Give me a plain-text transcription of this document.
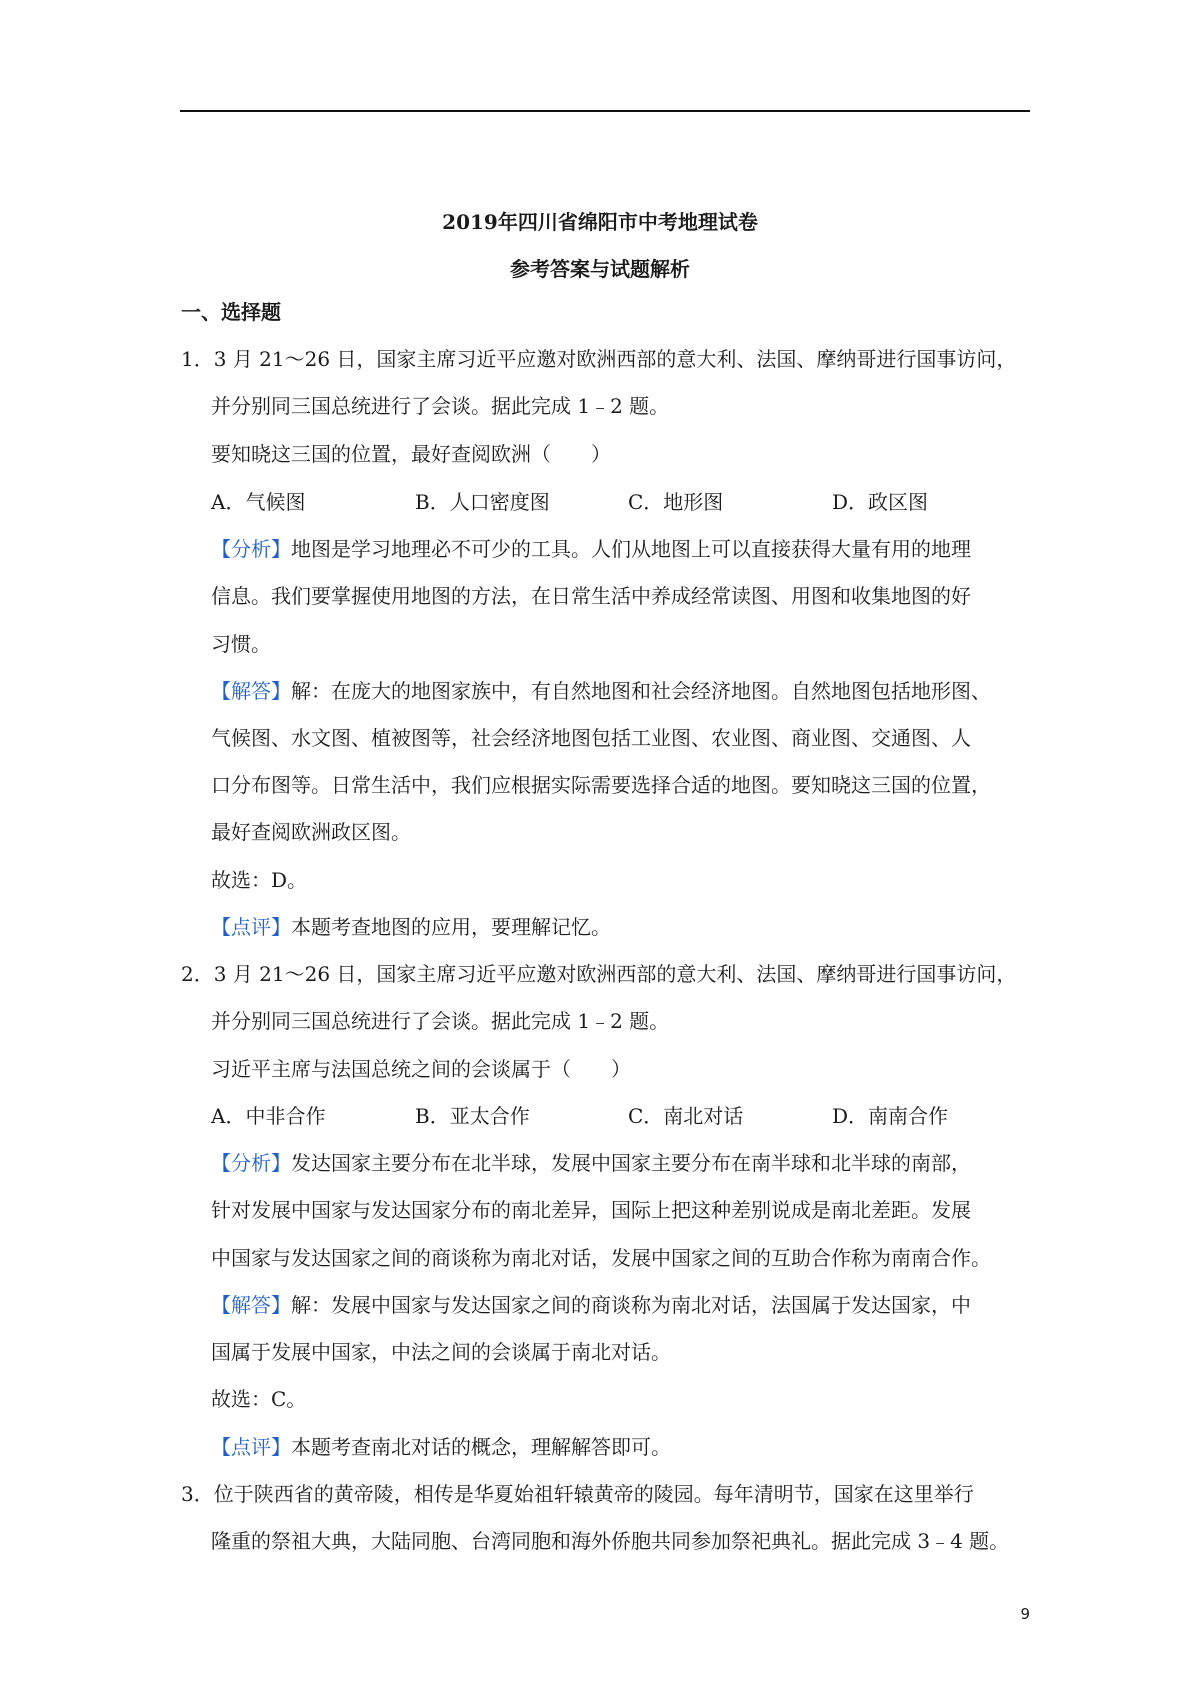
2019年四川省绵阳市中考地理试卷
参考答案与试题解析
一、选择题
1．3 月 21～26 日，国家主席习近平应邀对欧洲西部的意大利、法国、摩纳哥进行国事访问，
并分别同三国总统进行了会谈。据此完成 1﹣2 题。
要知晓这三国的位置，最好查阅欧洲（　　）
A．气候图	B．人口密度图	C．地形图	D．政区图
【分析】地图是学习地理必不可少的工具。人们从地图上可以直接获得大量有用的地理
信息。我们要掌握使用地图的方法，在日常生活中养成经常读图、用图和收集地图的好
习惯。
【解答】解：在庞大的地图家族中，有自然地图和社会经济地图。自然地图包括地形图、
气候图、水文图、植被图等，社会经济地图包括工业图、农业图、商业图、交通图、人
口分布图等。日常生活中，我们应根据实际需要选择合适的地图。要知晓这三国的位置，
最好查阅欧洲政区图。
故选：D。
【点评】本题考查地图的应用，要理解记忆。
2．3 月 21～26 日，国家主席习近平应邀对欧洲西部的意大利、法国、摩纳哥进行国事访问，
并分别同三国总统进行了会谈。据此完成 1﹣2 题。
习近平主席与法国总统之间的会谈属于（　　）
A．中非合作	B．亚太合作	C．南北对话	D．南南合作
【分析】发达国家主要分布在北半球，发展中国家主要分布在南半球和北半球的南部，
针对发展中国家与发达国家分布的南北差异，国际上把这种差别说成是南北差距。发展
中国家与发达国家之间的商谈称为南北对话，发展中国家之间的互助合作称为南南合作。
【解答】解：发展中国家与发达国家之间的商谈称为南北对话，法国属于发达国家，中
国属于发展中国家，中法之间的会谈属于南北对话。
故选：C。
【点评】本题考查南北对话的概念，理解解答即可。
3．位于陕西省的黄帝陵，相传是华夏始祖轩辕黄帝的陵园。每年清明节，国家在这里举行
隆重的祭祖大典，大陆同胞、台湾同胞和海外侨胞共同参加祭祀典礼。据此完成 3﹣4 题。
9
